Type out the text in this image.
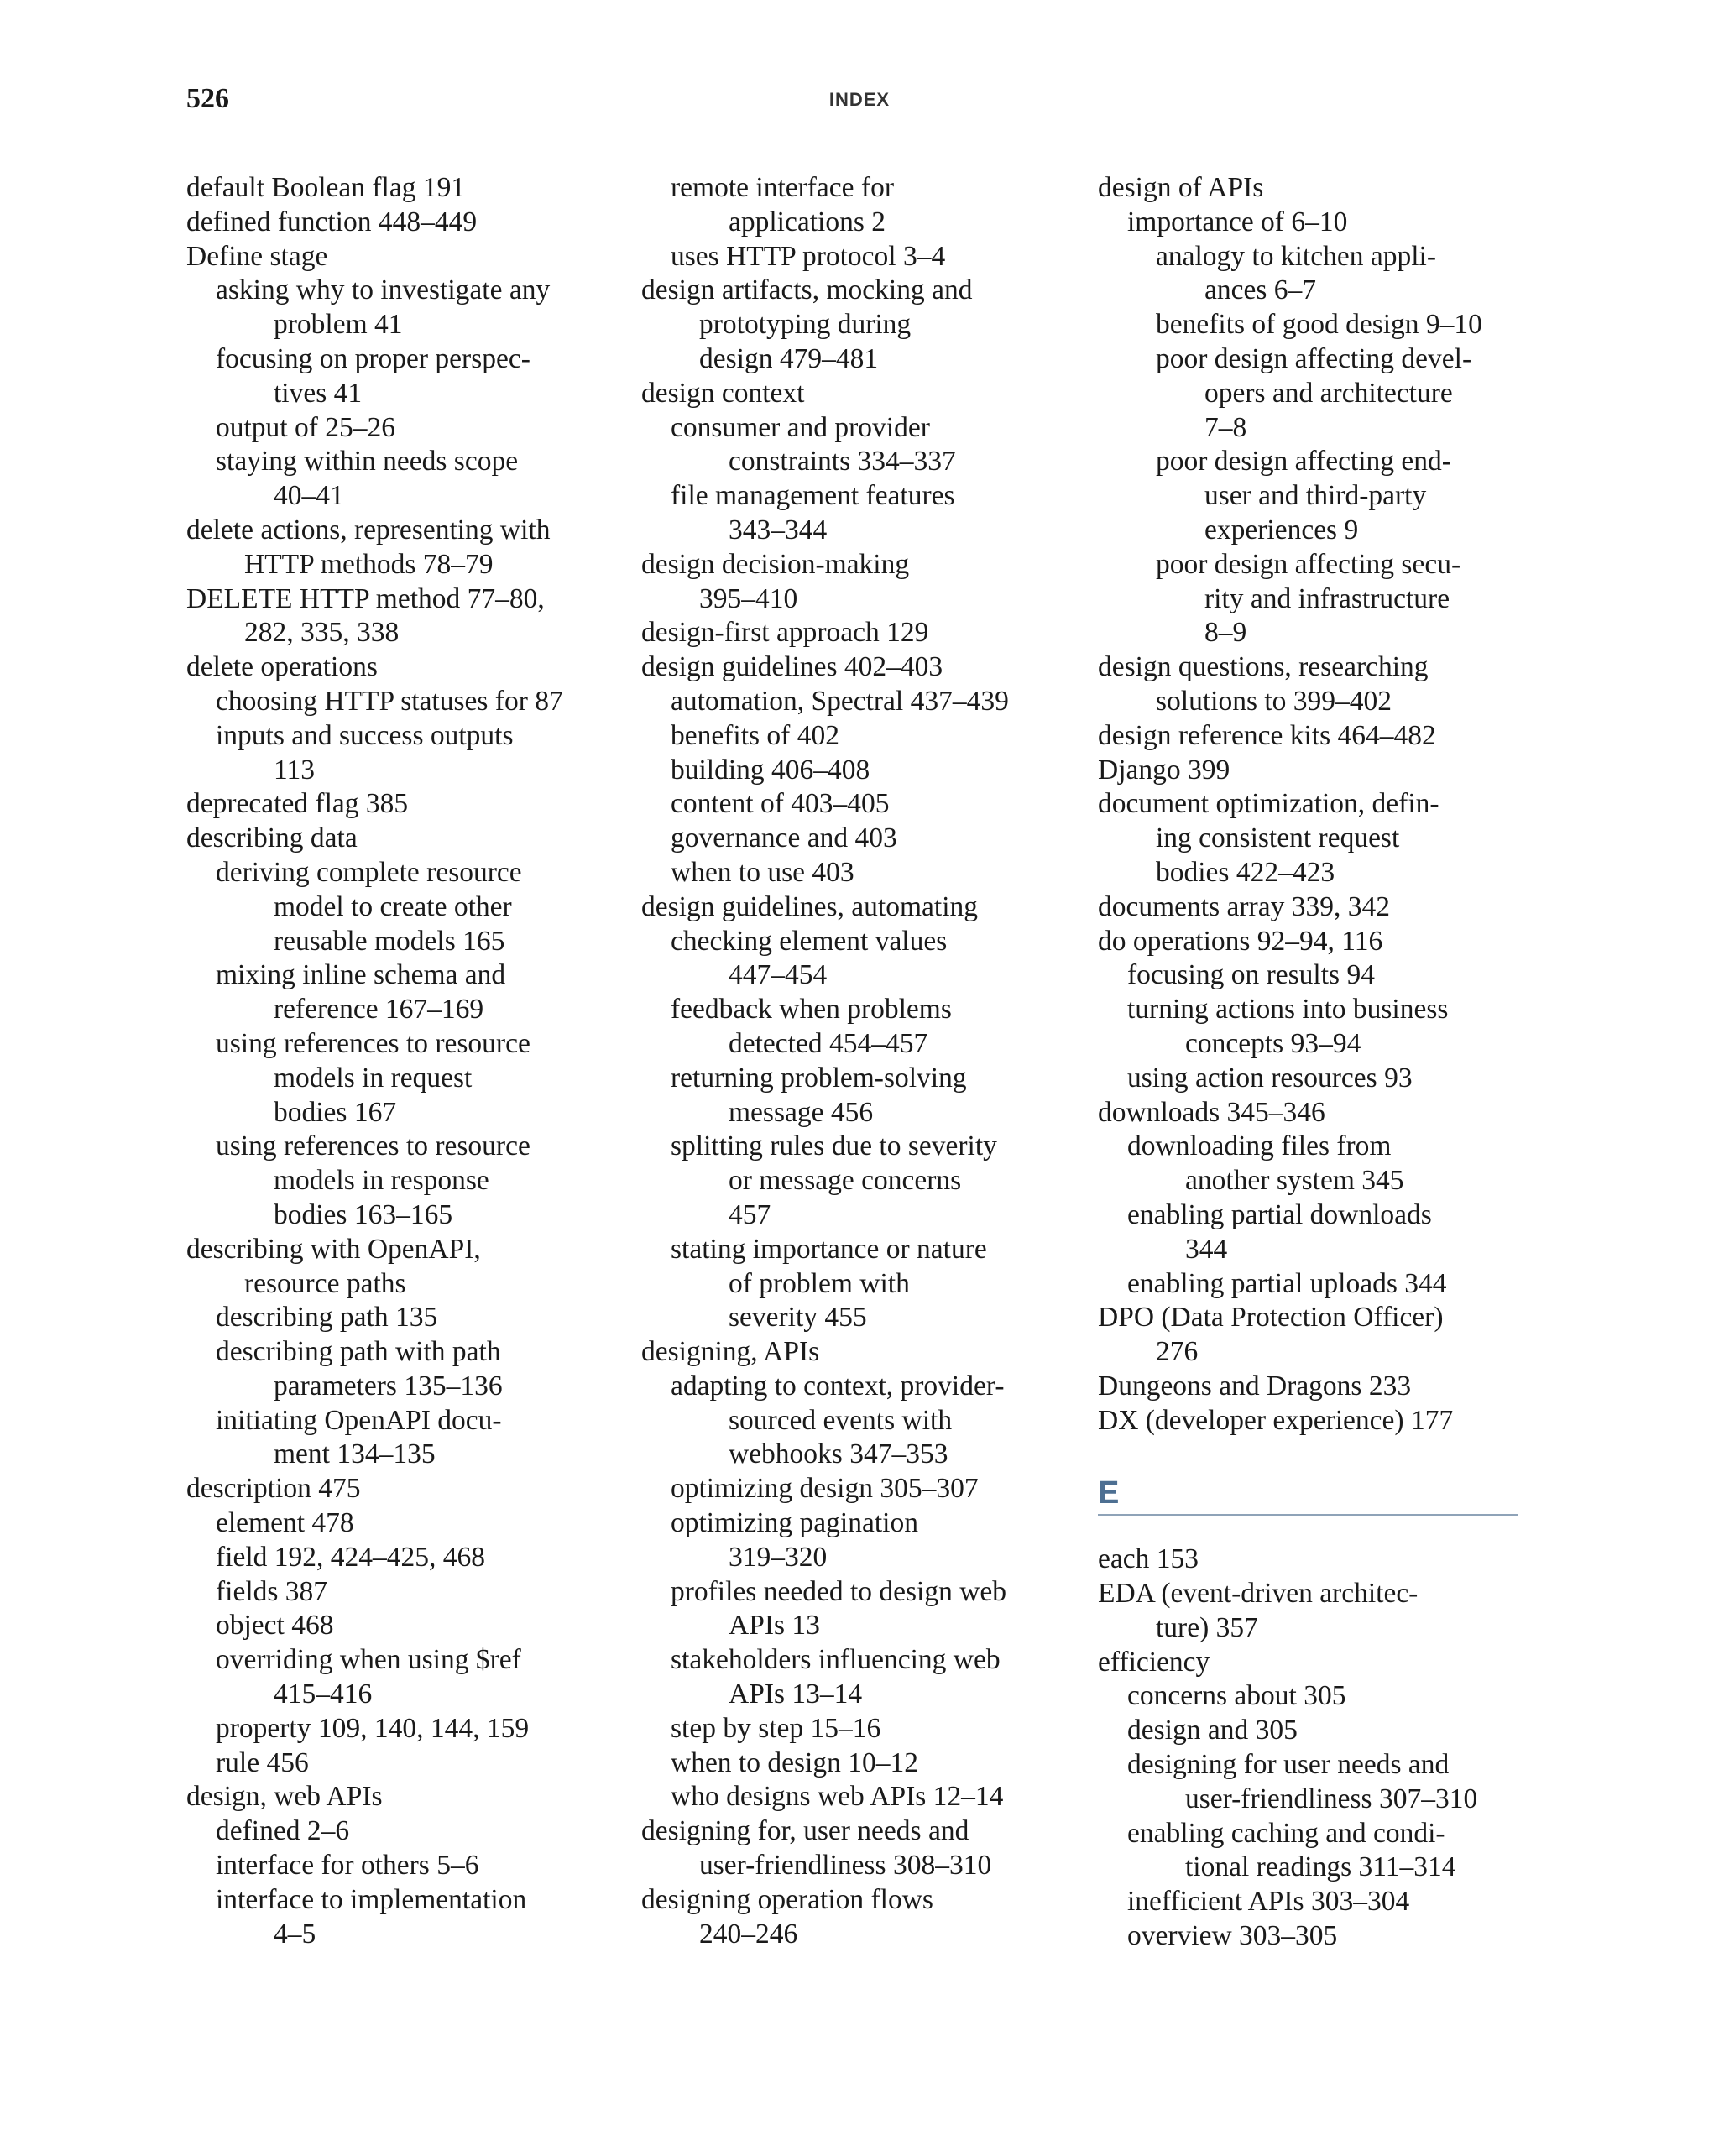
526	INDEX
default Boolean flag 191
defined function 448–449
Define stage
asking why to investigate any
problem 41
focusing on proper perspec-
tives 41
output of 25–26
staying within needs scope
40–41
delete actions, representing with
HTTP methods 78–79
DELETE HTTP method 77–80,
282, 335, 338
delete operations
choosing HTTP statuses for 87
inputs and success outputs
113
deprecated flag 385
describing data
deriving complete resource
model to create other
reusable models 165
mixing inline schema and
reference 167–169
using references to resource
models in request
bodies 167
using references to resource
models in response
bodies 163–165
describing with OpenAPI,
resource paths
describing path 135
describing path with path
parameters 135–136
initiating OpenAPI docu-
ment 134–135
description 475
element 478
field 192, 424–425, 468
fields 387
object 468
overriding when using $ref
415–416
property 109, 140, 144, 159
rule 456
design, web APIs
defined 2–6
interface for others 5–6
interface to implementation
4–5
remote interface for
applications 2
uses HTTP protocol 3–4
design artifacts, mocking and
prototyping during
design 479–481
design context
consumer and provider
constraints 334–337
file management features
343–344
design decision-making
395–410
design-first approach 129
design guidelines 402–403
automation, Spectral 437–439
benefits of 402
building 406–408
content of 403–405
governance and 403
when to use 403
design guidelines, automating
checking element values
447–454
feedback when problems
detected 454–457
returning problem-solving
message 456
splitting rules due to severity
or message concerns
457
stating importance or nature
of problem with
severity 455
designing, APIs
adapting to context, provider-
sourced events with
webhooks 347–353
optimizing design 305–307
optimizing pagination
319–320
profiles needed to design web
APIs 13
stakeholders influencing web
APIs 13–14
step by step 15–16
when to design 10–12
who designs web APIs 12–14
designing for, user needs and
user-friendliness 308–310
designing operation flows
240–246
design of APIs
importance of 6–10
analogy to kitchen appli-
ances 6–7
benefits of good design 9–10
poor design affecting devel-
opers and architecture
7–8
poor design affecting end-
user and third-party
experiences 9
poor design affecting secu-
rity and infrastructure
8–9
design questions, researching
solutions to 399–402
design reference kits 464–482
Django 399
document optimization, defin-
ing consistent request
bodies 422–423
documents array 339, 342
do operations 92–94, 116
focusing on results 94
turning actions into business
concepts 93–94
using action resources 93
downloads 345–346
downloading files from
another system 345
enabling partial downloads
344
enabling partial uploads 344
DPO (Data Protection Officer)
276
Dungeons and Dragons 233
DX (developer experience) 177
E
each 153
EDA (event-driven architec-
ture) 357
efficiency
concerns about 305
design and 305
designing for user needs and
user-friendliness 307–310
enabling caching and condi-
tional readings 311–314
inefficient APIs 303–304
overview 303–305
